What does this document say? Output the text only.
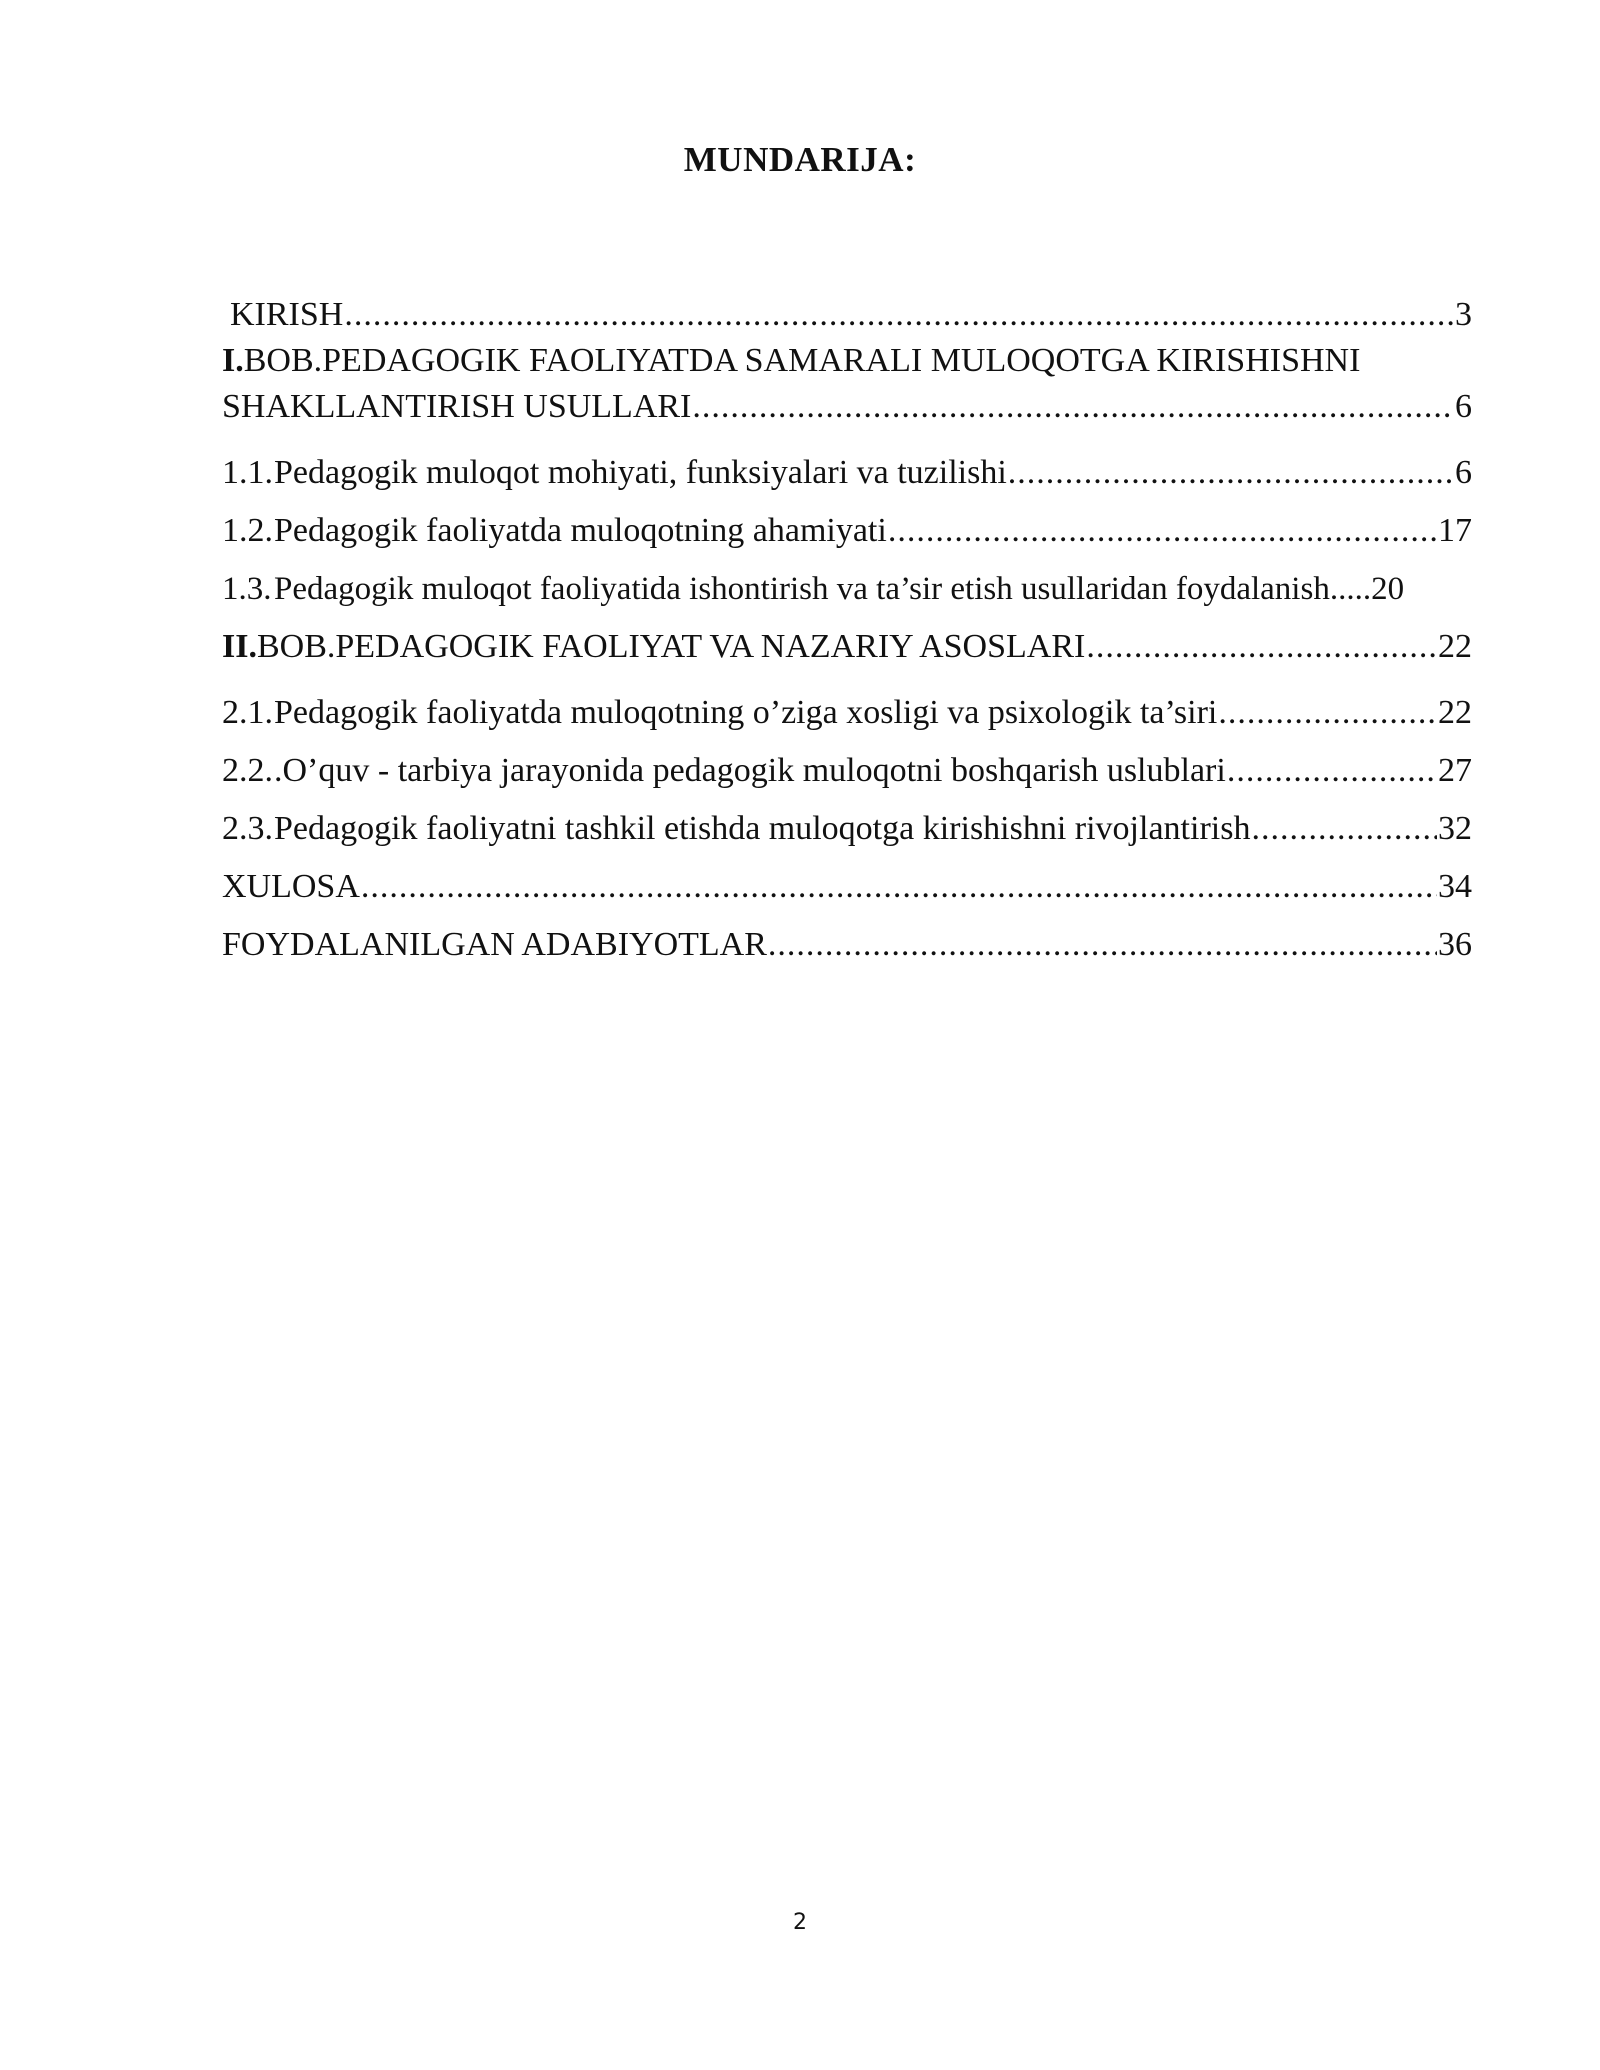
MUNDARIJA:
KIRISH .....	3
I.BOB.PEDAGOGIK FAOLIYATDA SAMARALI MULOQOTGA KIRISHISHNI
SHAKLLANTIRISH USULLARI .....	6
1.1.Pedagogik muloqot mohiyati, funksiyalari va tuzilishi .....	6
1.2.Pedagogik faoliyatda muloqotning ahamiyati .....	17
1.3.Pedagogik muloqot faoliyatida ishontirish va ta’sir etish usullaridan foydalanish ..... 20
II.BOB.PEDAGOGIK FAOLIYAT VA NAZARIY ASOSLARI .....	22
2.1.Pedagogik faoliyatda muloqotning o’ziga xosligi va psixologik ta’siri .....	22
2.2..O’quv - tarbiya jarayonida pedagogik muloqotni boshqarish uslublari .....	27
2.3.Pedagogik faoliyatni tashkil etishda muloqotga kirishishni rivojlantirish .....	32
XULOSA .....	34
FOYDALANILGAN ADABIYOTLAR .....	36
2
